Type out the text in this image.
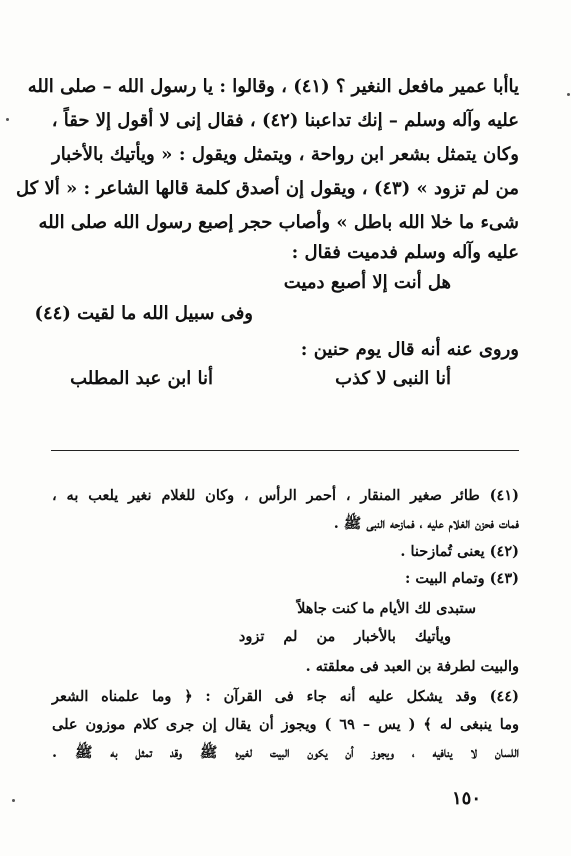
ياأبا عمير مافعل النغير ؟ (٤١) ، وقالوا : يا رسول الله – صلى الله
عليه وآله وسلم – إنك تداعبنا (٤٢) ، فقال إنى لا أقول إلا حقاً ،
وكان يتمثل بشعر ابن رواحة ، ويتمثل ويقول : « ويأتيك بالأخبار
من لم تزود » (٤٣) ، ويقول إن أصدق كلمة قالها الشاعر : « ألا كل
شىء ما خلا الله باطل » وأصاب حجر إصبع رسول الله صلى الله
عليه وآله وسلم فدميت فقال :
هل أنت إلا أصبع دميت
وفى سبيل الله ما لقيت (٤٤)
وروى عنه أنه قال يوم حنين :
أنا النبى لا كذب
أنا ابن عبد المطلب
(٤١) طائر صغير المنقار ، أحمر الرأس ، وكان للغلام نغير يلعب به ،
فمات فحزن الغلام عليه ، فمازحه النبى ﷺ .
(٤٢) يعنى تُمازحنا .
(٤٣) وتمام البيت :
ستبدى لك الأيام ما كنت جاهلاً
ويأتيك بالأخبار من لم تزود
والبيت لطرفة بن العبد فى معلقته .
(٤٤) وقد يشكل عليه أنه جاء فى القرآن : ﴿ وما علمناه الشعر
وما ينبغى له ﴾ ( يس – ٦٩ ) ويجوز أن يقال إن جرى كلام موزون على
اللسان لا ينافيه ، ويجوز أن يكون البيت لغيره ﷺ وقد تمثل به ﷺ .
١٥٠
